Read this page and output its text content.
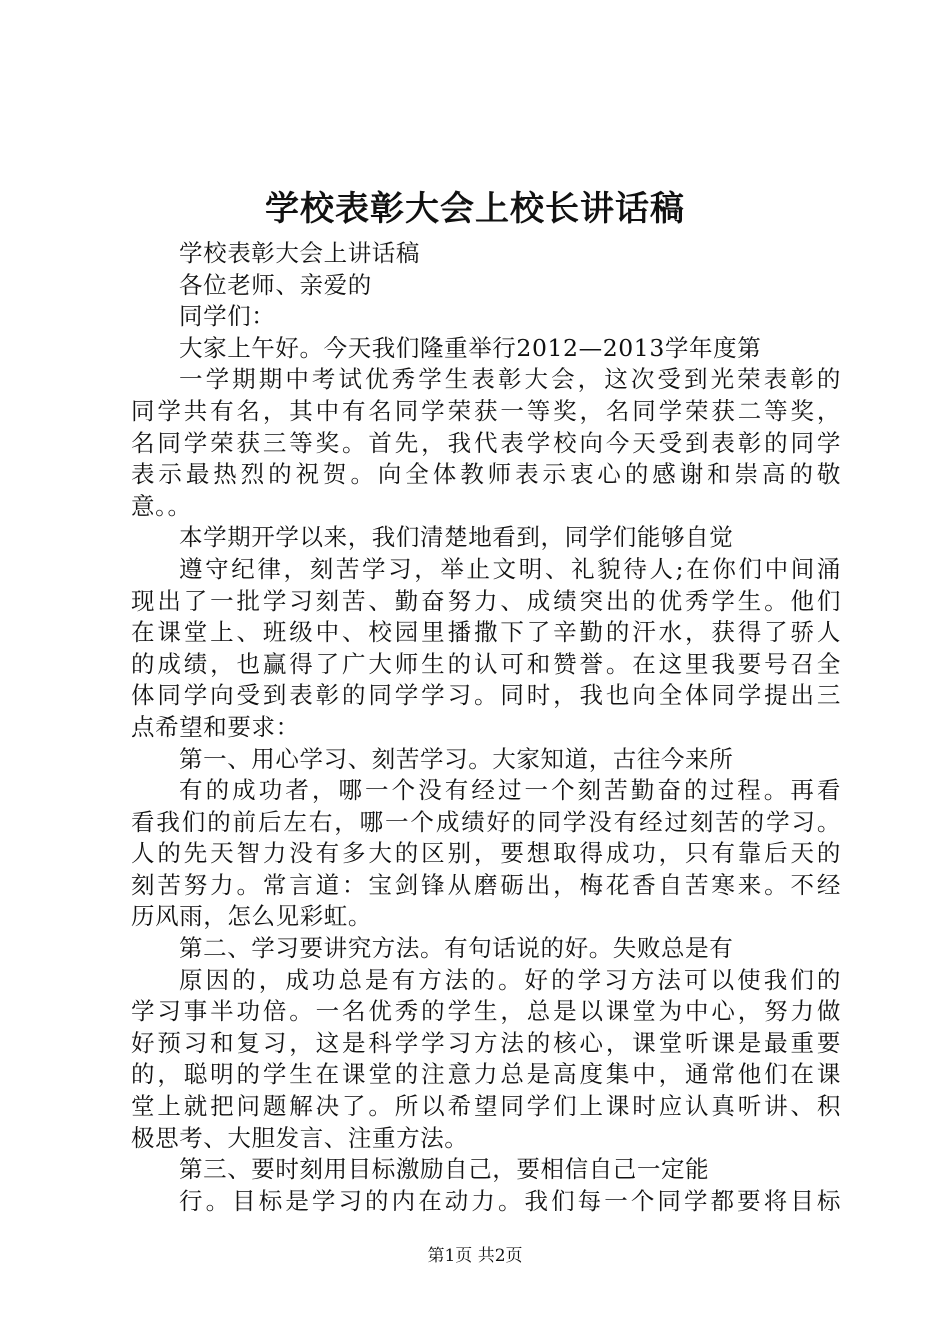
学校表彰大会上校长讲话稿
学校表彰大会上讲话稿
各位老师、亲爱的
同学们：
大家上午好。今天我们隆重举行2012—2013学年度第
一学期期中考试优秀学生表彰大会，这次受到光荣表彰的
同学共有名，其中有名同学荣获一等奖，名同学荣获二等奖，
名同学荣获三等奖。首先，我代表学校向今天受到表彰的同学
表示最热烈的祝贺。向全体教师表示衷心的感谢和崇高的敬
意。。
本学期开学以来，我们清楚地看到，同学们能够自觉
遵守纪律，刻苦学习，举止文明、礼貌待人;在你们中间涌
现出了一批学习刻苦、勤奋努力、成绩突出的优秀学生。他们
在课堂上、班级中、校园里播撒下了辛勤的汗水，获得了骄人
的成绩，也赢得了广大师生的认可和赞誉。在这里我要号召全
体同学向受到表彰的同学学习。同时，我也向全体同学提出三
点希望和要求：
第一、用心学习、刻苦学习。大家知道，古往今来所
有的成功者，哪一个没有经过一个刻苦勤奋的过程。再看
看我们的前后左右，哪一个成绩好的同学没有经过刻苦的学习。
人的先天智力没有多大的区别，要想取得成功，只有靠后天的
刻苦努力。常言道：宝剑锋从磨砺出，梅花香自苦寒来。不经
历风雨，怎么见彩虹。
第二、学习要讲究方法。有句话说的好。失败总是有
原因的，成功总是有方法的。好的学习方法可以使我们的
学习事半功倍。一名优秀的学生，总是以课堂为中心，努力做
好预习和复习，这是科学学习方法的核心，课堂听课是最重要
的，聪明的学生在课堂的注意力总是高度集中，通常他们在课
堂上就把问题解决了。所以希望同学们上课时应认真听讲、积
极思考、大胆发言、注重方法。
第三、要时刻用目标激励自己，要相信自己一定能
行。目标是学习的内在动力。我们每一个同学都要将目标
第1页 共2页
